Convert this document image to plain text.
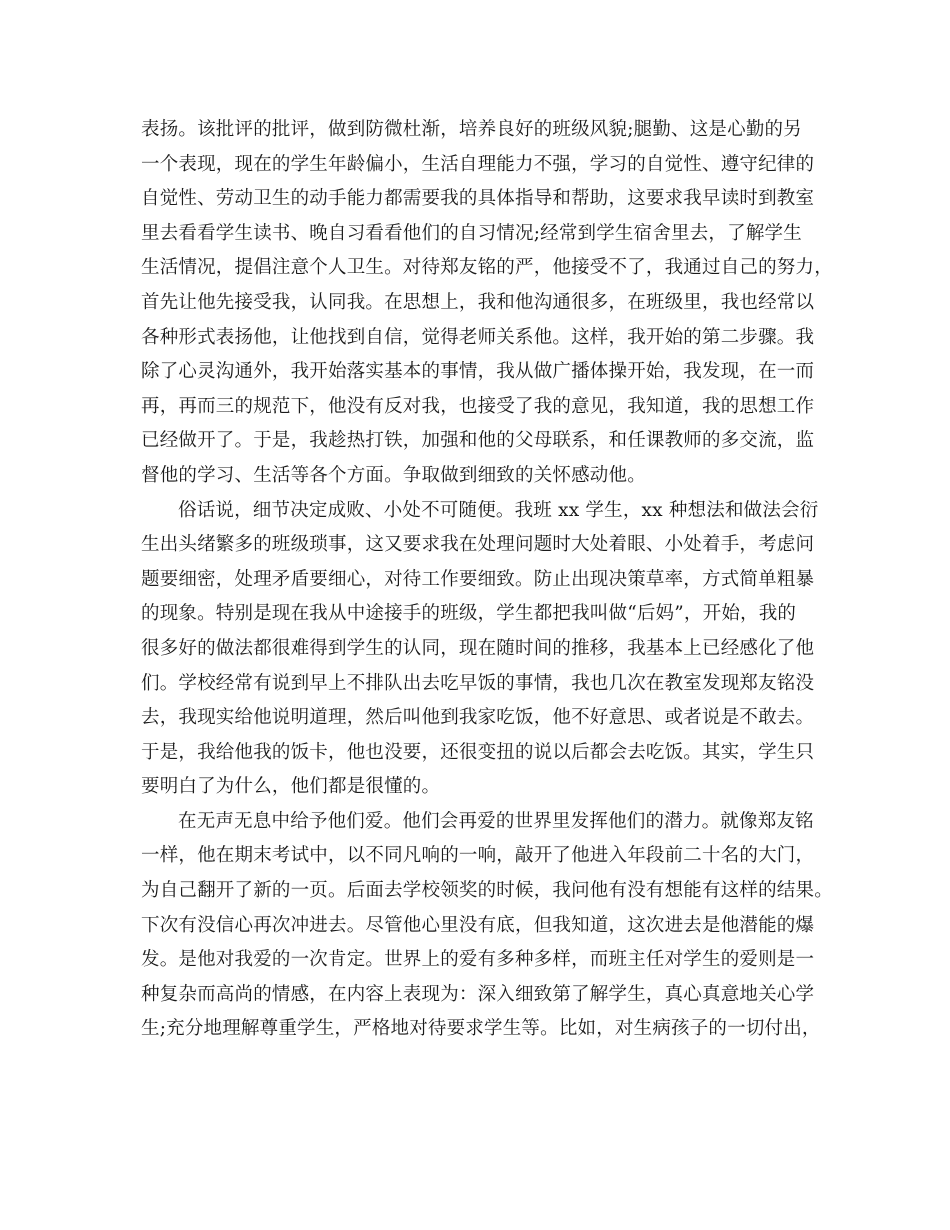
表扬。该批评的批评，做到防微杜渐，培养良好的班级风貌;腿勤、这是心勤的另
一个表现，现在的学生年龄偏小，生活自理能力不强，学习的自觉性、遵守纪律的
自觉性、劳动卫生的动手能力都需要我的具体指导和帮助，这要求我早读时到教室
里去看看学生读书、晚自习看看他们的自习情况;经常到学生宿舍里去，了解学生
生活情况，提倡注意个人卫生。对待郑友铭的严，他接受不了，我通过自己的努力，
首先让他先接受我，认同我。在思想上，我和他沟通很多，在班级里，我也经常以
各种形式表扬他，让他找到自信，觉得老师关系他。这样，我开始的第二步骤。我
除了心灵沟通外，我开始落实基本的事情，我从做广播体操开始，我发现，在一而
再，再而三的规范下，他没有反对我，也接受了我的意见，我知道，我的思想工作
已经做开了。于是，我趁热打铁，加强和他的父母联系，和任课教师的多交流，监
督他的学习、生活等各个方面。争取做到细致的关怀感动他。
俗话说，细节决定成败、小处不可随便。我班 xx 学生，xx 种想法和做法会衍
生出头绪繁多的班级琐事，这又要求我在处理问题时大处着眼、小处着手，考虑问
题要细密，处理矛盾要细心，对待工作要细致。防止出现决策草率，方式简单粗暴
的现象。特别是现在我从中途接手的班级，学生都把我叫做“后妈”，开始，我的
很多好的做法都很难得到学生的认同，现在随时间的推移，我基本上已经感化了他
们。学校经常有说到早上不排队出去吃早饭的事情，我也几次在教室发现郑友铭没
去，我现实给他说明道理，然后叫他到我家吃饭，他不好意思、或者说是不敢去。
于是，我给他我的饭卡，他也没要，还很变扭的说以后都会去吃饭。其实，学生只
要明白了为什么，他们都是很懂的。
在无声无息中给予他们爱。他们会再爱的世界里发挥他们的潜力。就像郑友铭
一样，他在期末考试中，以不同凡响的一响，敲开了他进入年段前二十名的大门，
为自己翻开了新的一页。后面去学校领奖的时候，我问他有没有想能有这样的结果。
下次有没信心再次冲进去。尽管他心里没有底，但我知道，这次进去是他潜能的爆
发。是他对我爱的一次肯定。世界上的爱有多种多样，而班主任对学生的爱则是一
种复杂而高尚的情感，在内容上表现为：深入细致第了解学生，真心真意地关心学
生;充分地理解尊重学生，严格地对待要求学生等。比如，对生病孩子的一切付出，
